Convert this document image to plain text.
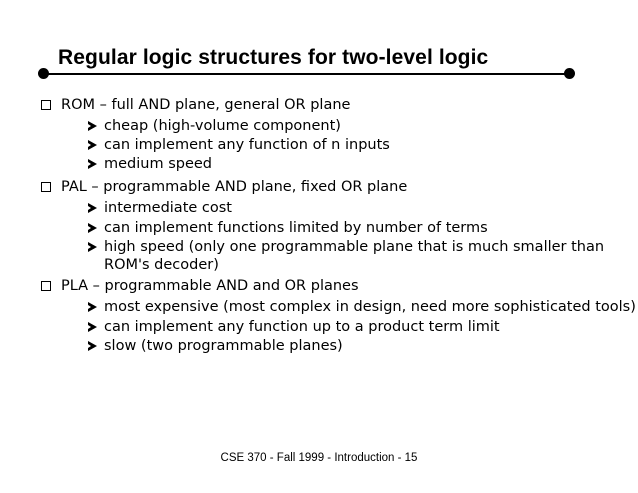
Regular logic structures for two-level logic
ROM – full AND plane, general OR plane
cheap (high-volume component)
can implement any function of n inputs
medium speed
PAL – programmable AND plane, fixed OR plane
intermediate cost
can implement functions limited by number of terms
high speed (only one programmable plane that is much smaller than
ROM's decoder)
PLA – programmable AND and OR planes
most expensive (most complex in design, need more sophisticated tools)
can implement any function up to a product term limit
slow (two programmable planes)
CSE 370 - Fall 1999 - Introduction - 15
